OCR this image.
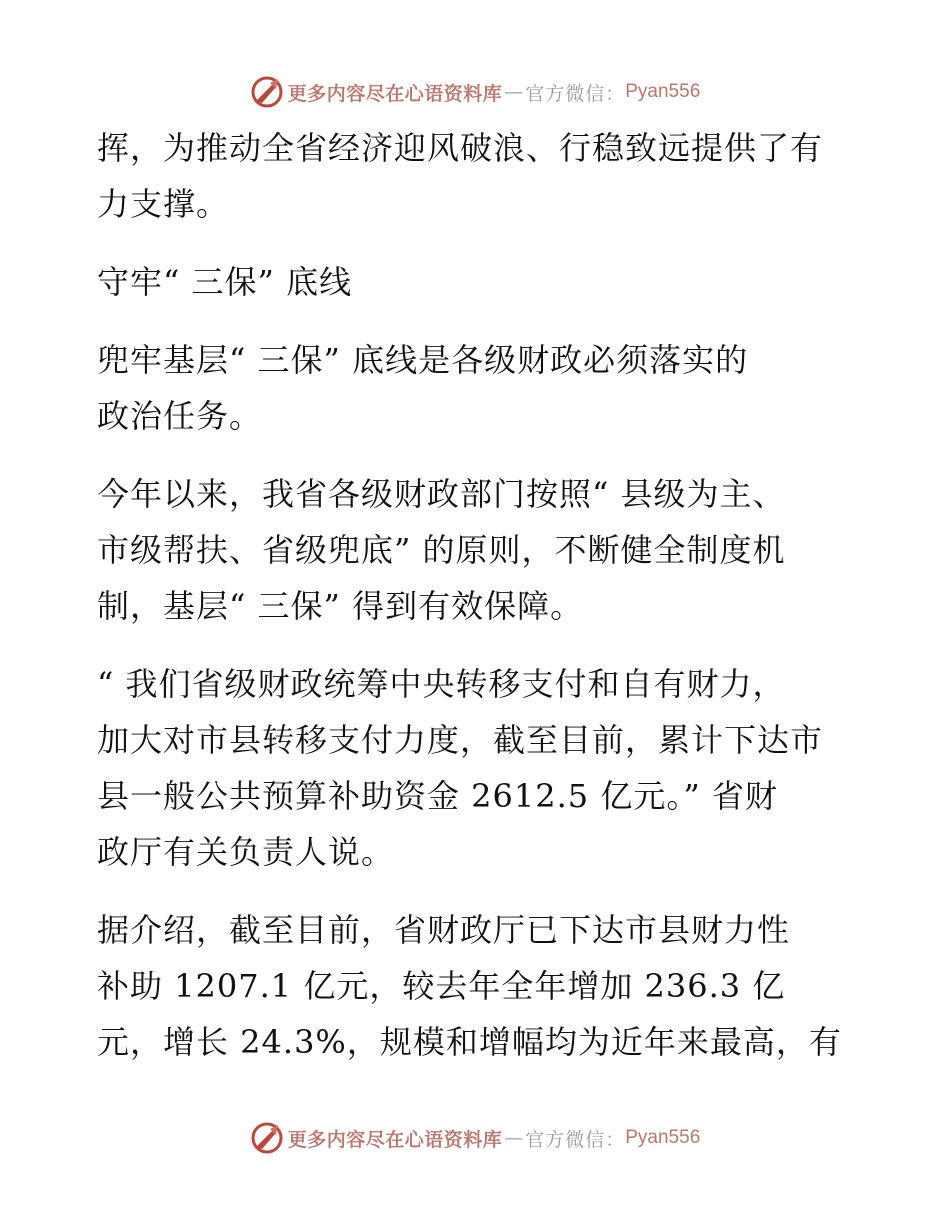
更多内容尽在心语资料库 — 官方微信： Pyan556
挥，为推动全省经济迎风破浪、行稳致远提供了有
力支撑。
守牢“ 三保” 底线
兜牢基层“ 三保” 底线是各级财政必须落实的
政治任务。
今年以来，我省各级财政部门按照“ 县级为主、
市级帮扶、省级兜底” 的原则，不断健全制度机
制，基层“ 三保” 得到有效保障。
“ 我们省级财政统筹中央转移支付和自有财力，
加大对市县转移支付力度，截至目前，累计下达市
县一般公共预算补助资金 2612.5 亿元。” 省财
政厅有关负责人说。
据介绍，截至目前，省财政厅已下达市县财力性
补助 1207.1 亿元，较去年全年增加 236.3 亿
元，增长 24.3%，规模和增幅均为近年来最高，有
更多内容尽在心语资料库 — 官方微信： Pyan556
